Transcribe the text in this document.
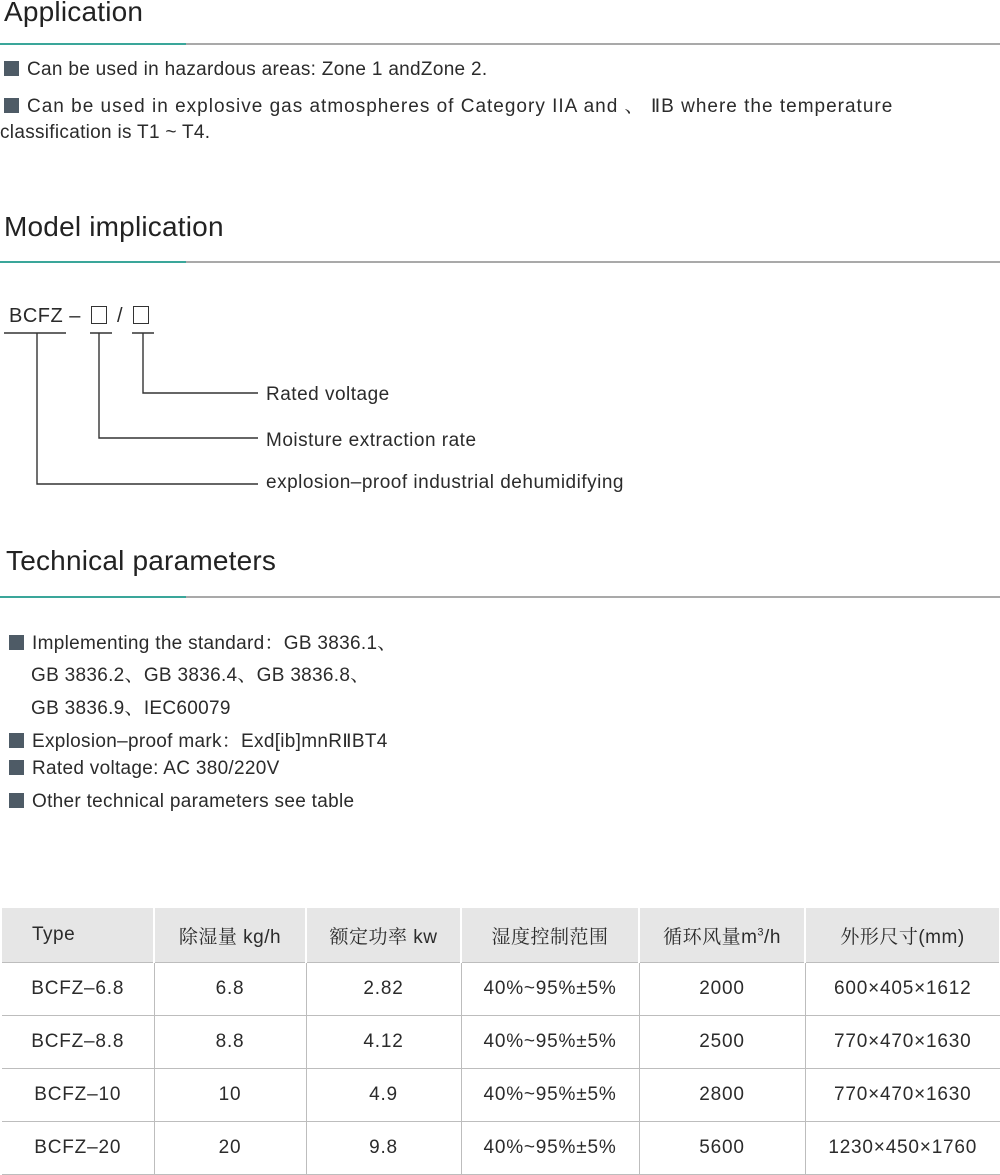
Application
Can be used in hazardous areas: Zone 1 andZone 2.
Can be used in explosive gas atmospheres of Category IIA and 、 ⅡB where the temperature
classification is T1 ~ T4.
Model implication
BCFZ – /
Rated voltage
Moisture extraction rate
explosion–proof industrial dehumidifying
Technical parameters
Implementing the standard：GB 3836.1、
GB 3836.2、GB 3836.4、GB 3836.8、
GB 3836.9、IEC60079
Explosion–proof mark：Exd[ib]mnRⅡBT4
Rated voltage: AC 380/220V
Other technical parameters see table
Type	除湿量 kg/h	额定功率 kw	湿度控制范围	循环风量$m^3/h$	外形尺寸(mm)
BCFZ–6.8	6.8	2.82	40%~95%±5%	2000	600×405×1612
BCFZ–8.8	8.8	4.12	40%~95%±5%	2500	770×470×1630
BCFZ–10	10	4.9	40%~95%±5%	2800	770×470×1630
BCFZ–20	20	9.8	40%~95%±5%	5600	1230×450×1760
